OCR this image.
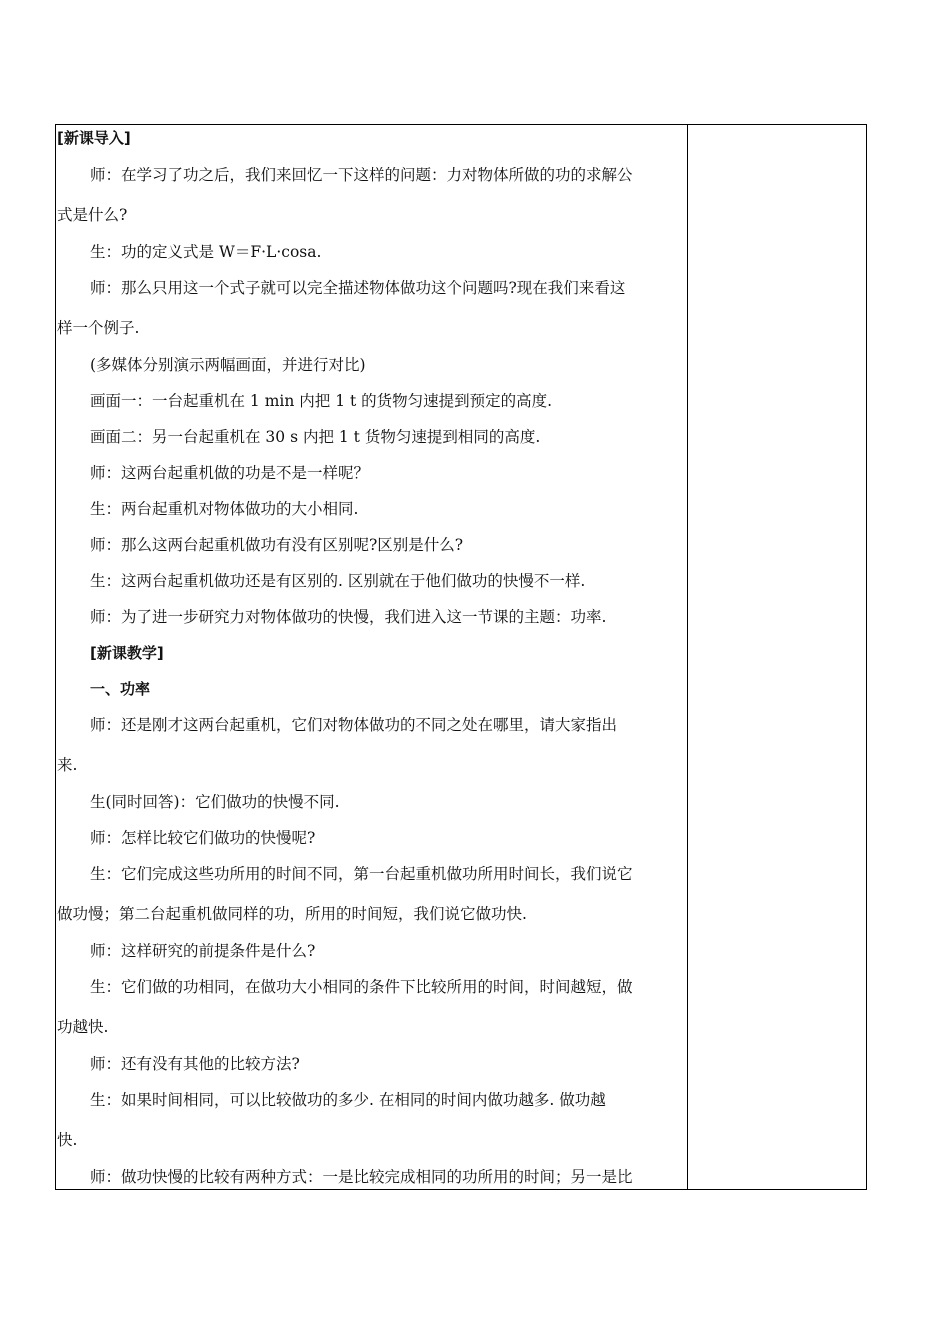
[新课导入]
师：在学习了功之后，我们来回忆一下这样的问题：力对物体所做的功的求解公
式是什么?
生：功的定义式是 W＝F·L·cosa.
师：那么只用这一个式子就可以完全描述物体做功这个问题吗?现在我们来看这
样一个例子.
(多媒体分别演示两幅画面，并进行对比)
画面一：一台起重机在 1 min 内把 1 t 的货物匀速提到预定的高度.
画面二：另一台起重机在 30 s 内把 1 t 货物匀速提到相同的高度.
师：这两台起重机做的功是不是一样呢？
生：两台起重机对物体做功的大小相同.
师：那么这两台起重机做功有没有区别呢?区别是什么?
生：这两台起重机做功还是有区别的. 区别就在于他们做功的快慢不一样.
师：为了进一步研究力对物体做功的快慢，我们进入这一节课的主题：功率.
[新课教学]
一、功率
师：还是刚才这两台起重机，它们对物体做功的不同之处在哪里，请大家指出
来.
生(同时回答)：它们做功的快慢不同.
师：怎样比较它们做功的快慢呢?
生：它们完成这些功所用的时间不同，第一台起重机做功所用时间长，我们说它
做功慢；第二台起重机做同样的功，所用的时间短，我们说它做功快.
师：这样研究的前提条件是什么?
生：它们做的功相同，在做功大小相同的条件下比较所用的时间，时间越短，做
功越快.
师：还有没有其他的比较方法?
生：如果时间相同，可以比较做功的多少. 在相同的时间内做功越多. 做功越
快.
师：做功快慢的比较有两种方式：一是比较完成相同的功所用的时间；另一是比
